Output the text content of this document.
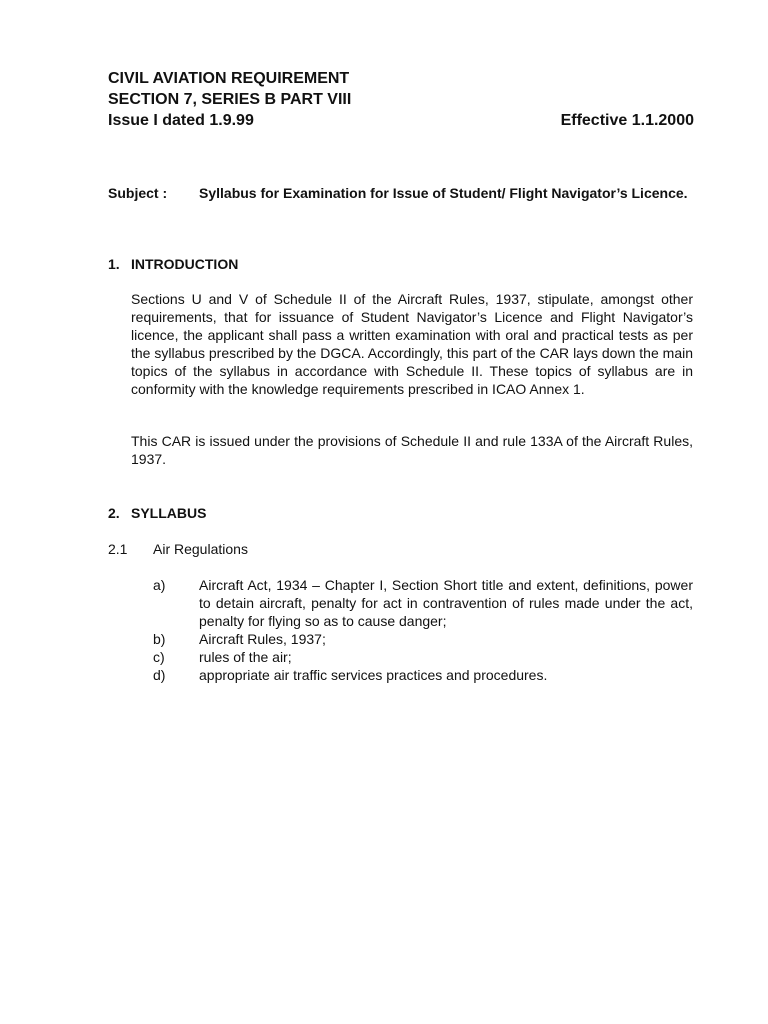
CIVIL AVIATION REQUIREMENT
SECTION 7, SERIES B PART VIII
Issue I dated 1.9.99	Effective 1.1.2000
Subject : Syllabus for Examination for Issue of Student/ Flight Navigator’s Licence.
1. INTRODUCTION
Sections U and V of Schedule II of the Aircraft Rules, 1937, stipulate, amongst other requirements, that for issuance of Student Navigator’s Licence and Flight Navigator’s licence, the applicant shall pass a written examination with oral and practical tests as per the syllabus prescribed by the DGCA. Accordingly, this part of the CAR lays down the main topics of the syllabus in accordance with Schedule II. These topics of syllabus are in conformity with the knowledge requirements prescribed in ICAO Annex 1.
This CAR is issued under the provisions of Schedule II and rule 133A of the Aircraft Rules, 1937.
2. SYLLABUS
2.1 Air Regulations
a) Aircraft Act, 1934 – Chapter I, Section Short title and extent, definitions, power to detain aircraft, penalty for act in contravention of rules made under the act, penalty for flying so as to cause danger;
b) Aircraft Rules, 1937;
c) rules of the air;
d) appropriate air traffic services practices and procedures.
